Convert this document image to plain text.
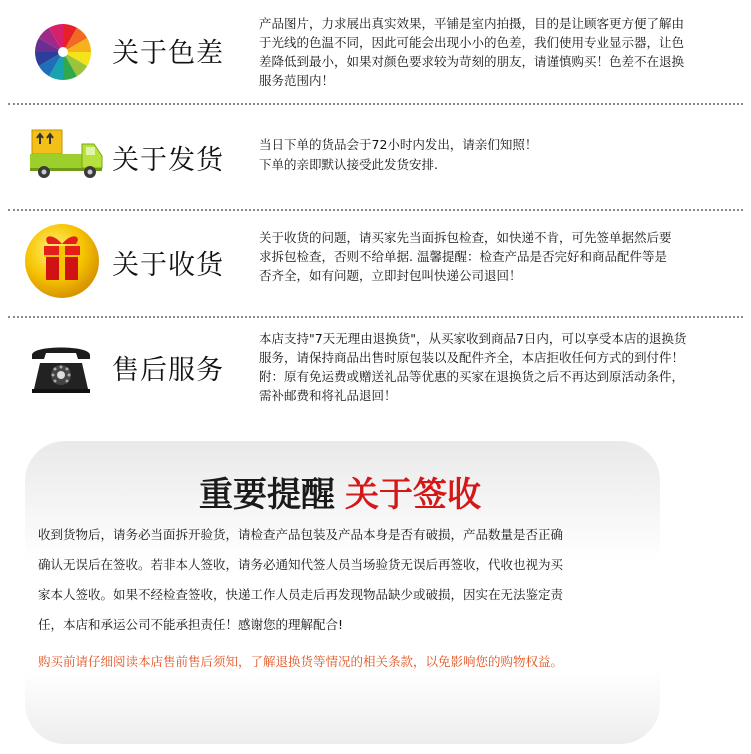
关于色差
产品图片，力求展出真实效果，平铺是室内拍摄，目的是让顾客更方便了解由
于光线的色温不同，因此可能会出现小小的色差，我们使用专业显示器，让色
差降低到最小，如果对颜色要求较为苛刻的朋友，请谨慎购买！色差不在退换
服务范围内！
关于发货
当日下单的货品会于72小时内发出，请亲们知照！
下单的亲即默认接受此发货安排.
关于收货
关于收货的问题，请买家先当面拆包检查，如快递不肯，可先签单据然后要
求拆包检查，否则不给单据. 温馨提醒：检查产品是否完好和商品配件等是
否齐全，如有问题，立即封包叫快递公司退回！
售后服务
本店支持"7天无理由退换货"，从买家收到商品7日内，可以享受本店的退换货
服务，请保持商品出售时原包装以及配件齐全，本店拒收任何方式的到付件！
附：原有免运费或赠送礼品等优惠的买家在退换货之后不再达到原活动条件，
需补邮费和将礼品退回！
重要提醒 关于签收
收到货物后，请务必当面拆开验货，请检查产品包装及产品本身是否有破损，产品数量是否正确
确认无误后在签收。若非本人签收，请务必通知代签人员当场验货无误后再签收，代收也视为买
家本人签收。如果不经检查签收，快递工作人员走后再发现物品缺少或破损，因实在无法鉴定责
任，本店和承运公司不能承担责任！感谢您的理解配合!
购买前请仔细阅读本店售前售后须知，了解退换货等情况的相关条款，以免影响您的购物权益。
